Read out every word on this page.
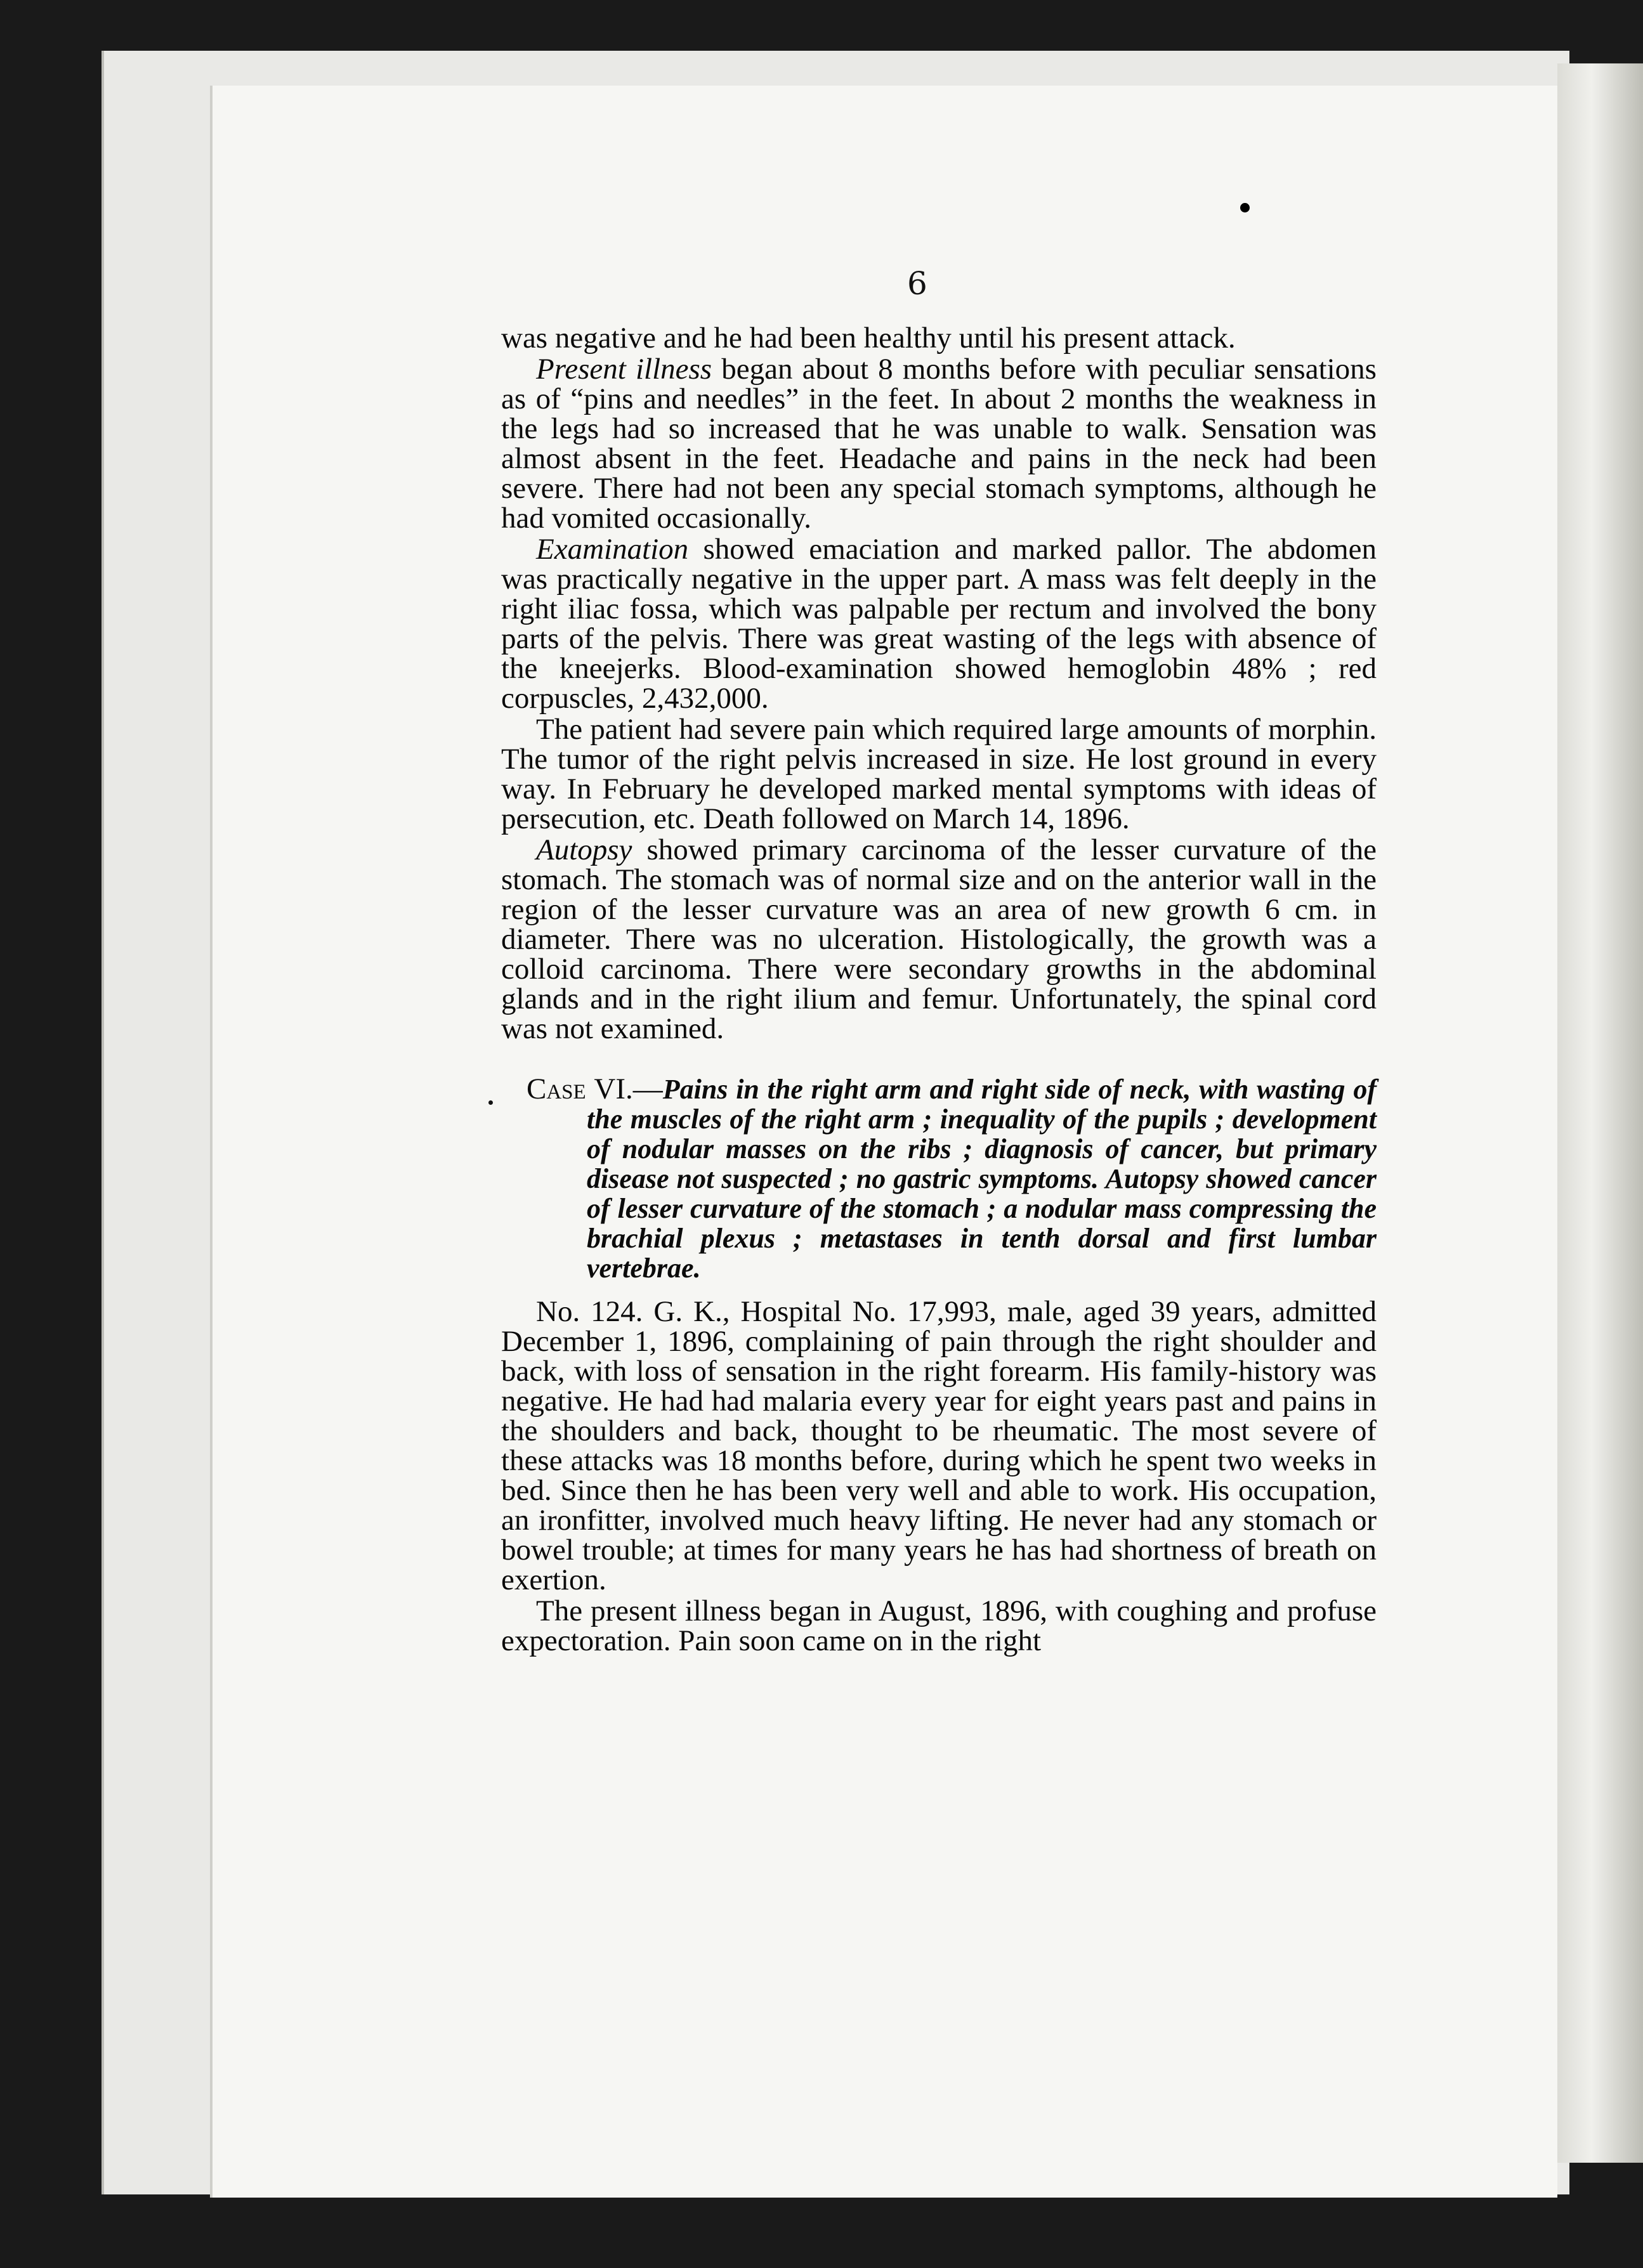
6

was negative and he had been healthy until his present attack.

Present illness began about 8 months before with peculiar sensations as of “pins and needles” in the feet. In about 2 months the weakness in the legs had so increased that he was unable to walk. Sensation was almost absent in the feet. Headache and pains in the neck had been severe. There had not been any special stomach symptoms, although he had vomited occasionally.

Examination showed emaciation and marked pallor. The abdomen was practically negative in the upper part. A mass was felt deeply in the right iliac fossa, which was palpable per rectum and involved the bony parts of the pelvis. There was great wasting of the legs with absence of the kneejerks. Blood-examination showed hemoglobin 48% ; red corpuscles, 2,432,000.

The patient had severe pain which required large amounts of morphin. The tumor of the right pelvis increased in size. He lost ground in every way. In February he developed marked mental symptoms with ideas of persecution, etc. Death followed on March 14, 1896.

Autopsy showed primary carcinoma of the lesser curvature of the stomach. The stomach was of normal size and on the anterior wall in the region of the lesser curvature was an area of new growth 6 cm. in diameter. There was no ulceration. Histologically, the growth was a colloid carcinoma. There were secondary growths in the abdominal glands and in the right ilium and femur. Unfortunately, the spinal cord was not examined.

Case VI.—Pains in the right arm and right side of neck, with wasting of the muscles of the right arm ; inequality of the pupils ; development of nodular masses on the ribs ; diagnosis of cancer, but primary disease not suspected ; no gastric symptoms. Autopsy showed cancer of lesser curvature of the stomach ; a nodular mass compressing the brachial plexus ; metastases in tenth dorsal and first lumbar vertebrae.

No. 124. G. K., Hospital No. 17,993, male, aged 39 years, admitted December 1, 1896, complaining of pain through the right shoulder and back, with loss of sensation in the right forearm. His family-history was negative. He had had malaria every year for eight years past and pains in the shoulders and back, thought to be rheumatic. The most severe of these attacks was 18 months before, during which he spent two weeks in bed. Since then he has been very well and able to work. His occupation, an ironfitter, involved much heavy lifting. He never had any stomach or bowel trouble; at times for many years he has had shortness of breath on exertion.

The present illness began in August, 1896, with coughing and profuse expectoration. Pain soon came on in the right
